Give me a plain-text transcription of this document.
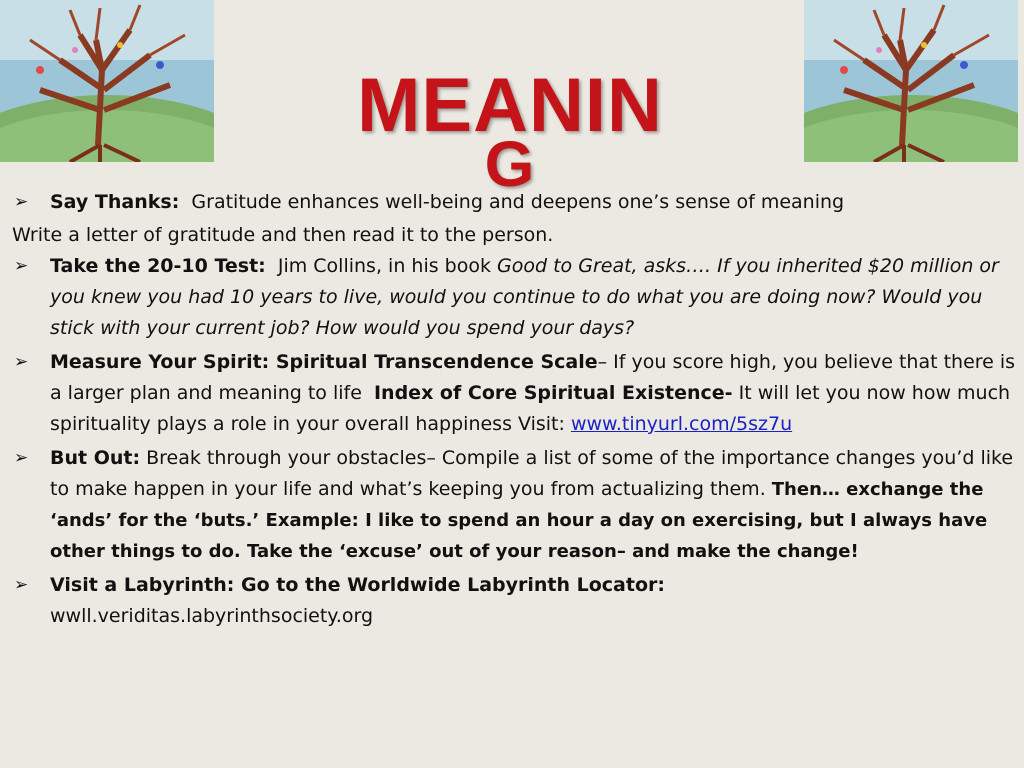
MEANIN
G
➢	Say Thanks: Gratitude enhances well-being and deepens one’s sense of meaning
Write a letter of gratitude and then read it to the person.
➢	Take the 20-10 Test: Jim Collins, in his book Good to Great, asks…. If you inherited $20 million or you knew you had 10 years to live, would you continue to do what you are doing now? Would you stick with your current job? How would you spend your days?
➢	Measure Your Spirit: Spiritual Transcendence Scale– If you score high, you believe that there is a larger plan and meaning to life Index of Core Spiritual Existence- It will let you now how much spirituality plays a role in your overall happiness Visit: www.tinyurl.com/5sz7u
➢	But Out: Break through your obstacles– Compile a list of some of the importance changes you’d like to make happen in your life and what’s keeping you from actualizing them. Then… exchange the ‘ands’ for the ‘buts.’ Example: I like to spend an hour a day on exercising, but I always have other things to do. Take the ‘excuse’ out of your reason– and make the change!
➢	Visit a Labyrinth: Go to the Worldwide Labyrinth Locator:
wwll.veriditas.labyrinthsociety.org
